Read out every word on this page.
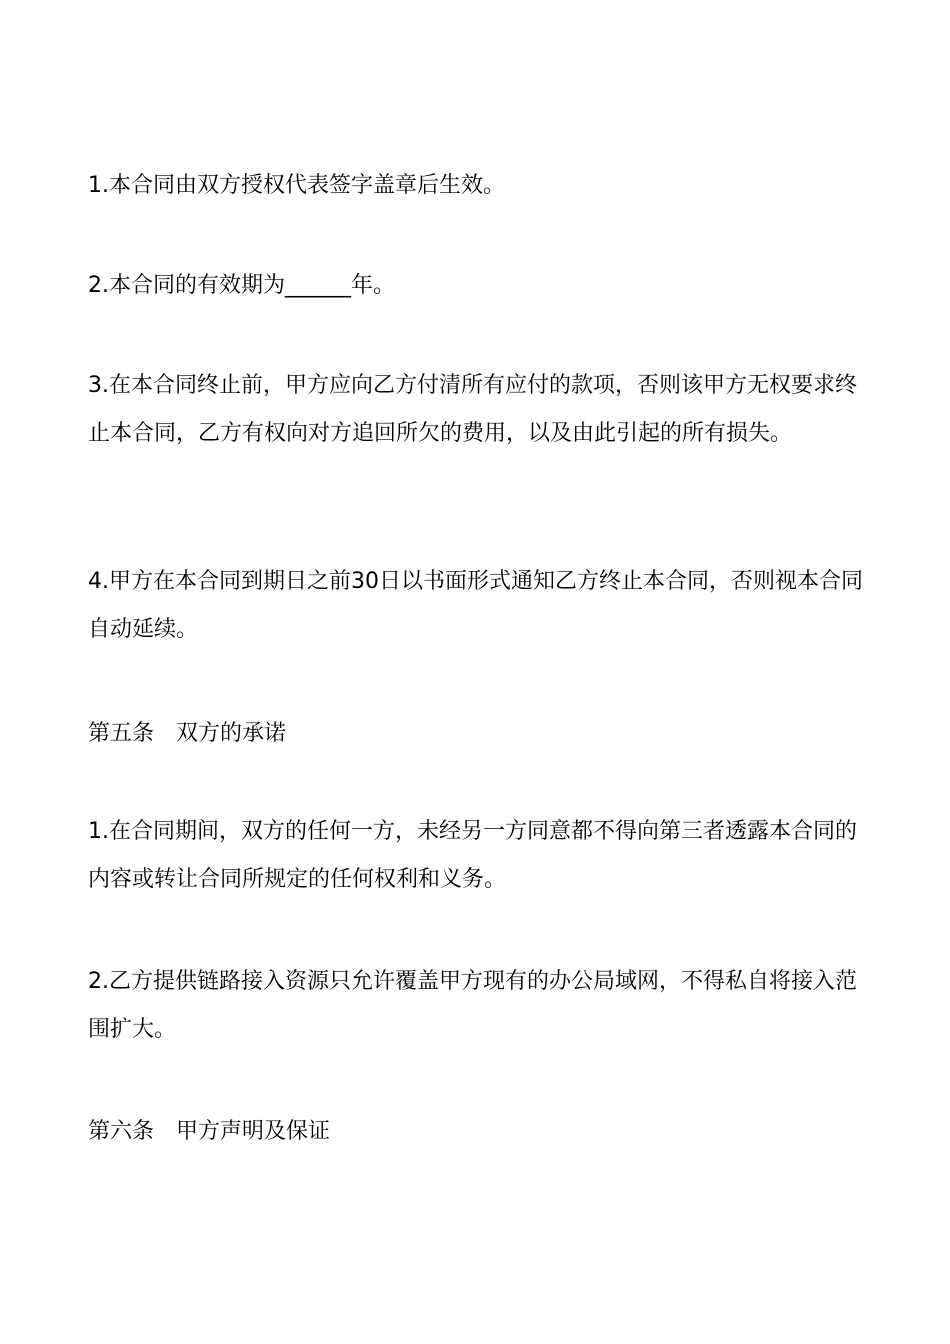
1.本合同由双方授权代表签字盖章后生效。

2.本合同的有效期为______年。

3.在本合同终止前，甲方应向乙方付清所有应付的款项，否则该甲方无权要求终止本合同，乙方有权向对方追回所欠的费用，以及由此引起的所有损失。

4.甲方在本合同到期日之前30日以书面形式通知乙方终止本合同，否则视本合同自动延续。

第五条　双方的承诺

1.在合同期间，双方的任何一方，未经另一方同意都不得向第三者透露本合同的内容或转让合同所规定的任何权利和义务。

2.乙方提供链路接入资源只允许覆盖甲方现有的办公局域网，不得私自将接入范围扩大。

第六条　甲方声明及保证
